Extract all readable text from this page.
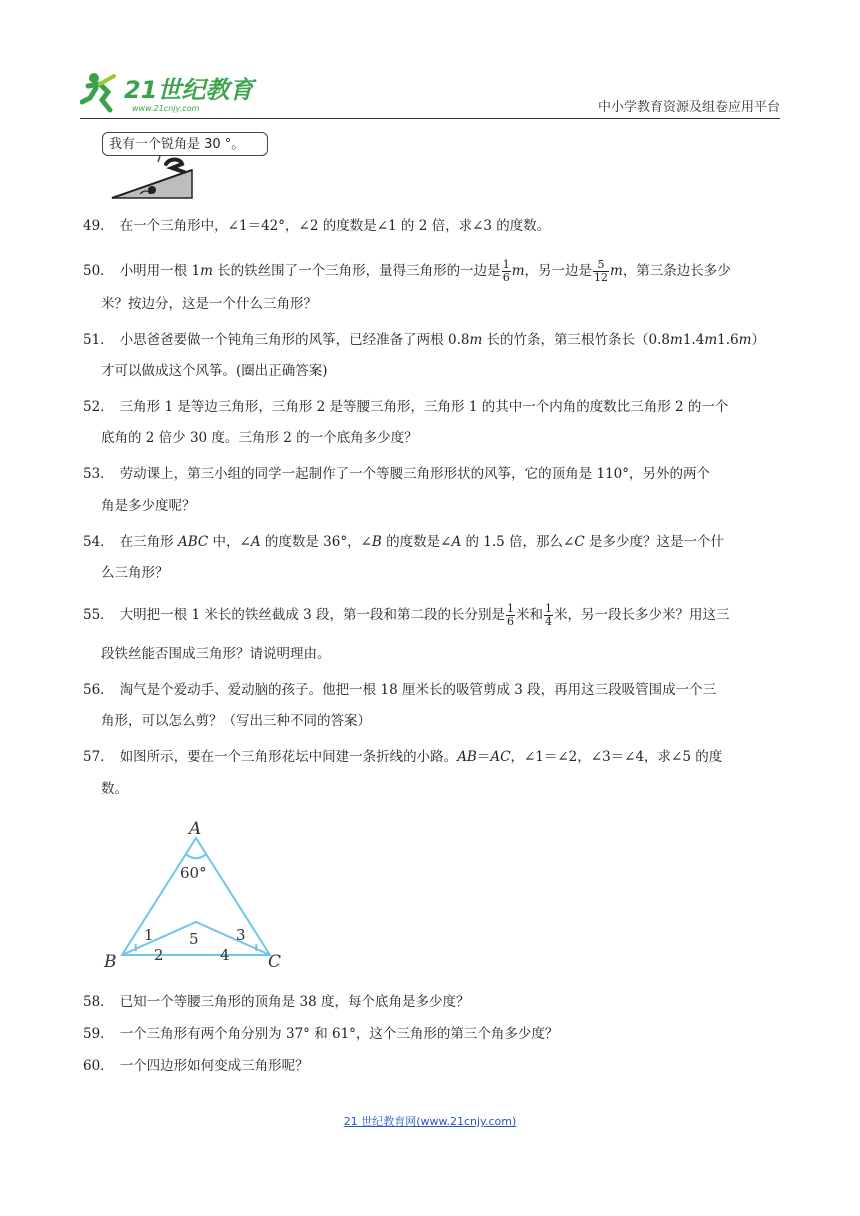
21世纪教育
www.21cnjy.com	中小学教育资源及组卷应用平台
我有一个锐角是 30 °。
49． 在一个三角形中，∠1＝42°，∠2 的度数是∠1 的 2 倍，求∠3 的度数。
50． 小明用一根 1m 长的铁丝围了一个三角形，量得三角形的一边是 $\frac{1}{6}$ m，另一边是 $\frac{5}{12}$ m，第三条边长多少
米？按边分，这是一个什么三角形？
51． 小思爸爸要做一个钝角三角形的风筝，已经准备了两根 0.8m 长的竹条，第三根竹条长（0.8m1.4m1.6m）
才可以做成这个风筝。(圈出正确答案)
52． 三角形 1 是等边三角形，三角形 2 是等腰三角形，三角形 1 的其中一个内角的度数比三角形 2 的一个
底角的 2 倍少 30 度。三角形 2 的一个底角多少度？
53． 劳动课上，第三小组的同学一起制作了一个等腰三角形形状的风筝，它的顶角是 110°，另外的两个
角是多少度呢？
54． 在三角形 ABC 中，∠A 的度数是 36°，∠B 的度数是∠A 的 1.5 倍，那么∠C 是多少度？这是一个什
么三角形？
55． 大明把一根 1 米长的铁丝截成 3 段，第一段和第二段的长分别是 $\frac{1}{6}$ 米和 $\frac{1}{4}$ 米，另一段长多少米？用这三
段铁丝能否围成三角形？请说明理由。
56． 淘气是个爱动手、爱动脑的孩子。他把一根 18 厘米长的吸管剪成 3 段，再用这三段吸管围成一个三
角形，可以怎么剪？（写出三种不同的答案）
57． 如图所示，要在一个三角形花坛中间建一条折线的小路。AB＝AC，∠1＝∠2，∠3＝∠4，求∠5 的度
数。
A
60°
B	C
1
2
5
4
3
58． 已知一个等腰三角形的顶角是 38 度，每个底角是多少度？
59． 一个三角形有两个角分别为 37° 和 61°，这个三角形的第三个角多少度？
60． 一个四边形如何变成三角形呢？
21 世纪教育网(www.21cnjy.com)
